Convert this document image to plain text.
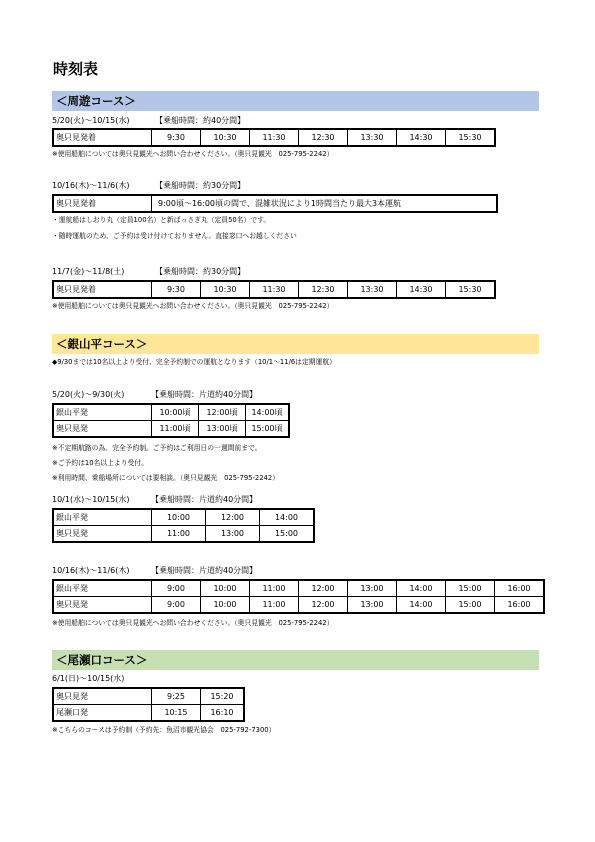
時刻表
＜周遊コース＞
5/20(火)～10/15(水)	【乗船時間：約40分間】
奥只見発着	9:30	10:30	11:30	12:30	13:30	14:30	15:30
※使用船舶については奥只見観光へお問い合わせください。（奥只見観光　025-795-2242）
10/16(木)～11/6(木)	【乗船時間：約30分間】
奥只見発着	9:00頃～16:00頃の間で、混雑状況により1時間当たり最大3本運航
・運航船はしおり丸（定員100名）と新ばっさぎ丸（定員50名）です。
・随時運航のため、ご予約は受け付けておりません。直接窓口へお越しください
11/7(金)～11/8(土)	【乗船時間：約30分間】
奥只見発着	9:30	10:30	11:30	12:30	13:30	14:30	15:30
※使用船舶については奥只見観光へお問い合わせください。（奥只見観光　025-795-2242）
＜銀山平コース＞
◆9/30までは10名以上より受付、完全予約制での運航となります（10/1～11/6は定期運航）
5/20(火)～9/30(火)	【乗船時間：片道約40分間】
銀山平発	10:00頃	12:00頃	14:00頃
奥只見発	11:00頃	13:00頃	15:00頃
※不定期航路の為、完全予約制。ご予約はご利用日の一週間前まで。
※ご予約は10名以上より受付。
※利用時間、乗船場所については要相談。（奥只見観光　025-795-2242）
10/1(水)～10/15(水)	【乗船時間：片道約40分間】
銀山平発	10:00	12:00	14:00
奥只見発	11:00	13:00	15:00
10/16(木)～11/6(木)	【乗船時間：片道約40分間】
銀山平発	9:00	10:00	11:00	12:00	13:00	14:00	15:00	16:00
奥只見発	9:00	10:00	11:00	12:00	13:00	14:00	15:00	16:00
※使用船舶については奥只見観光へお問い合わせください。（奥只見観光　025-795-2242）
＜尾瀬口コース＞
6/1(日)～10/15(水)
奥只見発	9:25	15:20
尾瀬口発	10:15	16:10
※こちらのコースは予約制（予約先：魚沼市観光協会　025-792-7300）
